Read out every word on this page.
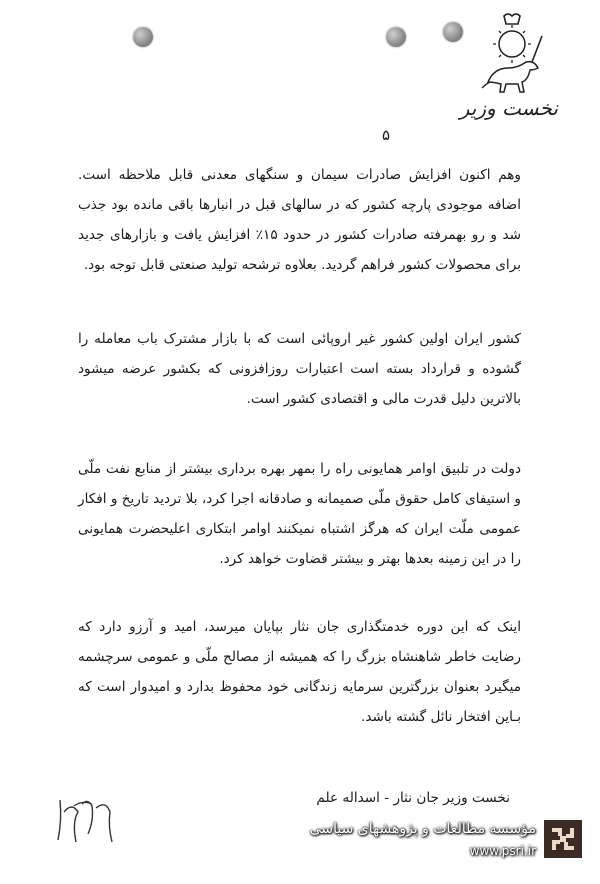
نخست وزیر
۵

وهم اکنون افزایش صادرات سیمان و سنگهای معدنی قابل ملاحظه است. اضافه موجودی پارچه کشور که در سالهای قبل در انبارها باقی مانده بود جذب شد و رو بهمرفته صادرات کشور در حدود ۱۵٪ افزایش یافت و بازارهای جدید برای محصولات کشور فراهم گردید. بعلاوه ترشحه تولید صنعتی قابل توجه بود.

کشور ایران اولین کشور غیر اروپائی است که با بازار مشترک باب معامله را گشوده و قرارداد بسته است اعتبارات روزافزونی که بکشور عرضه میشود بالاترین دلیل قدرت مالی و اقتصادی کشور است.

دولت در تلبیق اوامر همایونی راه را بمهر بهره برداری بیشتر از منابع نفت ملّی و استیفای کامل حقوق ملّی صمیمانه و صادقانه اجرا کرد، بلا تردید تاریخ و افکار عمومی ملّت ایران که هرگز اشتباه نمیکنند اوامر ابتکاری اعلیحضرت همایونی را در این زمینه بعدها بهتر و بیشتر قضاوت خواهد کرد.

اینک که این دوره خدمتگذاری جان نثار بپایان میرسد، امید و آرزو دارد که رضایت خاطر شاهنشاه بزرگ را که همیشه از مصالح ملّی و عمومی سرچشمه میگیرد بعنوان بزرگترین سرمایه زندگانی خود محفوظ بدارد و امیدوار است که بـاین افتخار نائل گشته باشد.

نخست وزیر جان نثار - اسداله علم
مؤسسه مطالعات و پژوهشهای سیاسی
www.psri.ir
